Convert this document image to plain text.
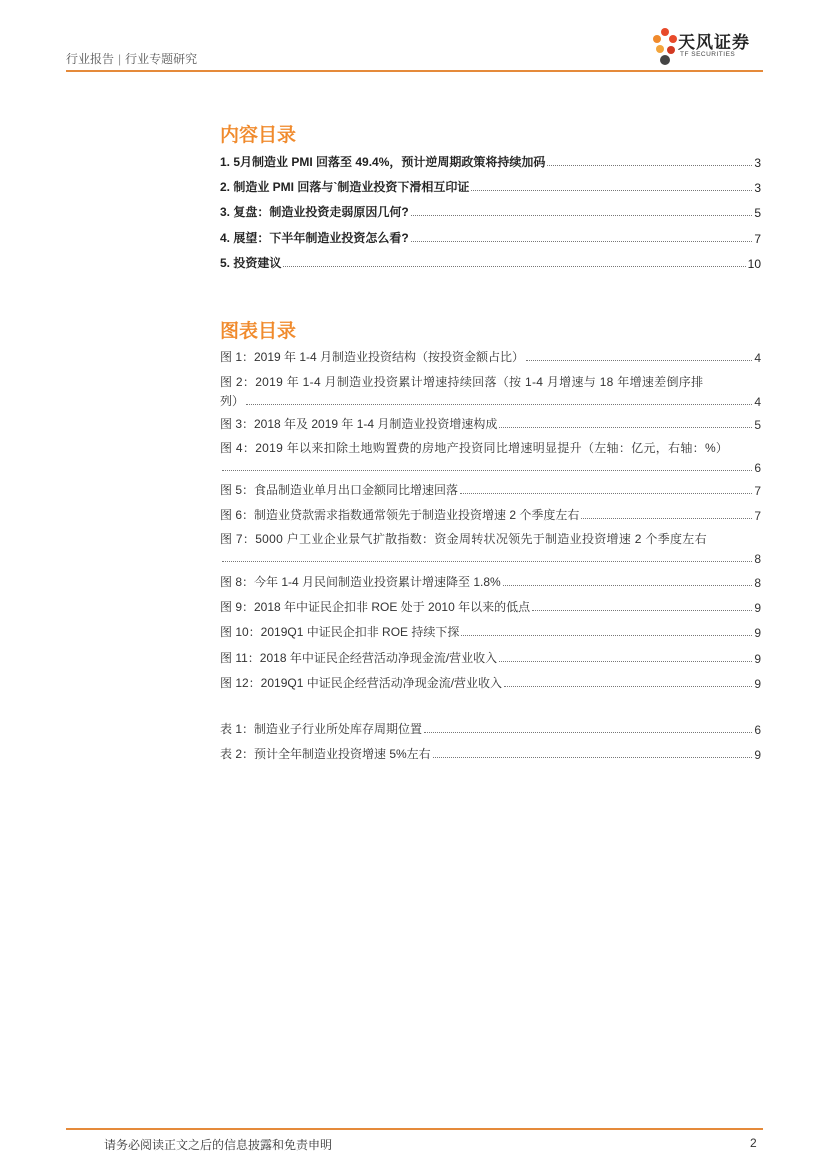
行业报告 | 行业专题研究
天风证券
TF SECURITIES
内容目录
1. 5月制造业 PMI 回落至 49.4%，预计逆周期政策将持续加码	3
2. 制造业 PMI 回落与`制造业投资下滑相互印证	3
3. 复盘：制造业投资走弱原因几何?	5
4. 展望：下半年制造业投资怎么看?	7
5. 投资建议	10
图表目录
图 1：2019 年 1-4 月制造业投资结构（按投资金额占比）	4
图 2：2019 年 1-4 月制造业投资累计增速持续回落（按 1-4 月增速与 18 年增速差倒序排
列）	4
图 3：2018 年及 2019 年 1-4 月制造业投资增速构成	5
图 4：2019 年以来扣除土地购置费的房地产投资同比增速明显提升（左轴：亿元，右轴：%）
6
图 5：食品制造业单月出口金额同比增速回落	7
图 6：制造业贷款需求指数通常领先于制造业投资增速 2 个季度左右	7
图 7：5000 户工业企业景气扩散指数：资金周转状况领先于制造业投资增速 2 个季度左右
8
图 8：今年 1-4 月民间制造业投资累计增速降至 1.8%	8
图 9：2018 年中证民企扣非 ROE 处于 2010 年以来的低点	9
图 10：2019Q1 中证民企扣非 ROE 持续下探	9
图 11：2018 年中证民企经营活动净现金流/营业收入	9
图 12：2019Q1 中证民企经营活动净现金流/营业收入	9
表 1：制造业子行业所处库存周期位置	6
表 2：预计全年制造业投资增速 5%左右	9
请务必阅读正文之后的信息披露和免责申明	2
